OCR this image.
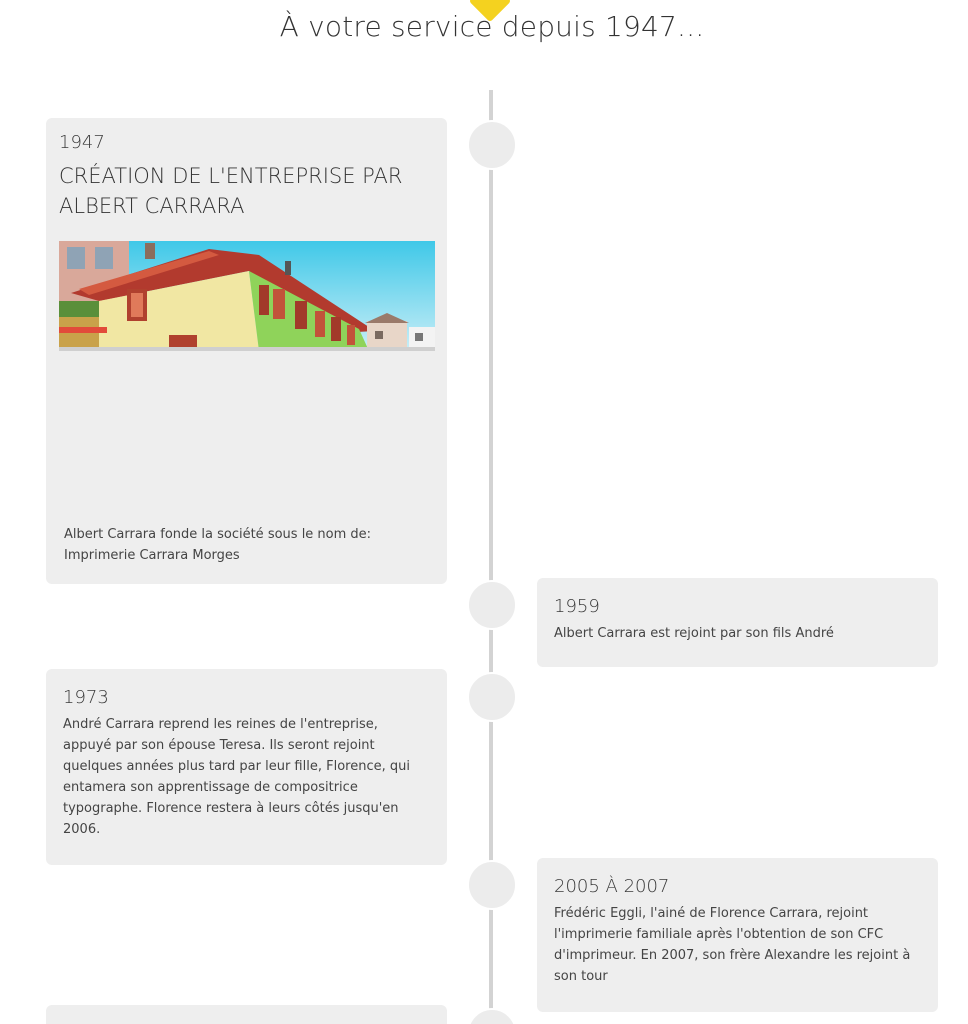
À votre service depuis 1947...

1947

CRÉATION DE L'ENTREPRISE PAR ALBERT CARRARA

Albert Carrara fonde la société sous le nom de: Imprimerie Carrara Morges

1959

Albert Carrara est rejoint par son fils André

1973

André Carrara reprend les reines de l'entreprise, appuyé par son épouse Teresa. Ils seront rejoint quelques années plus tard par leur fille, Florence, qui entamera son apprentissage de compositrice typographe. Florence restera à leurs côtés jusqu'en 2006.

2005 À 2007

Frédéric Eggli, l'ainé de Florence Carrara, rejoint l'imprimerie familiale après l'obtention de son CFC d'imprimeur. En 2007, son frère Alexandre les rejoint à son tour
